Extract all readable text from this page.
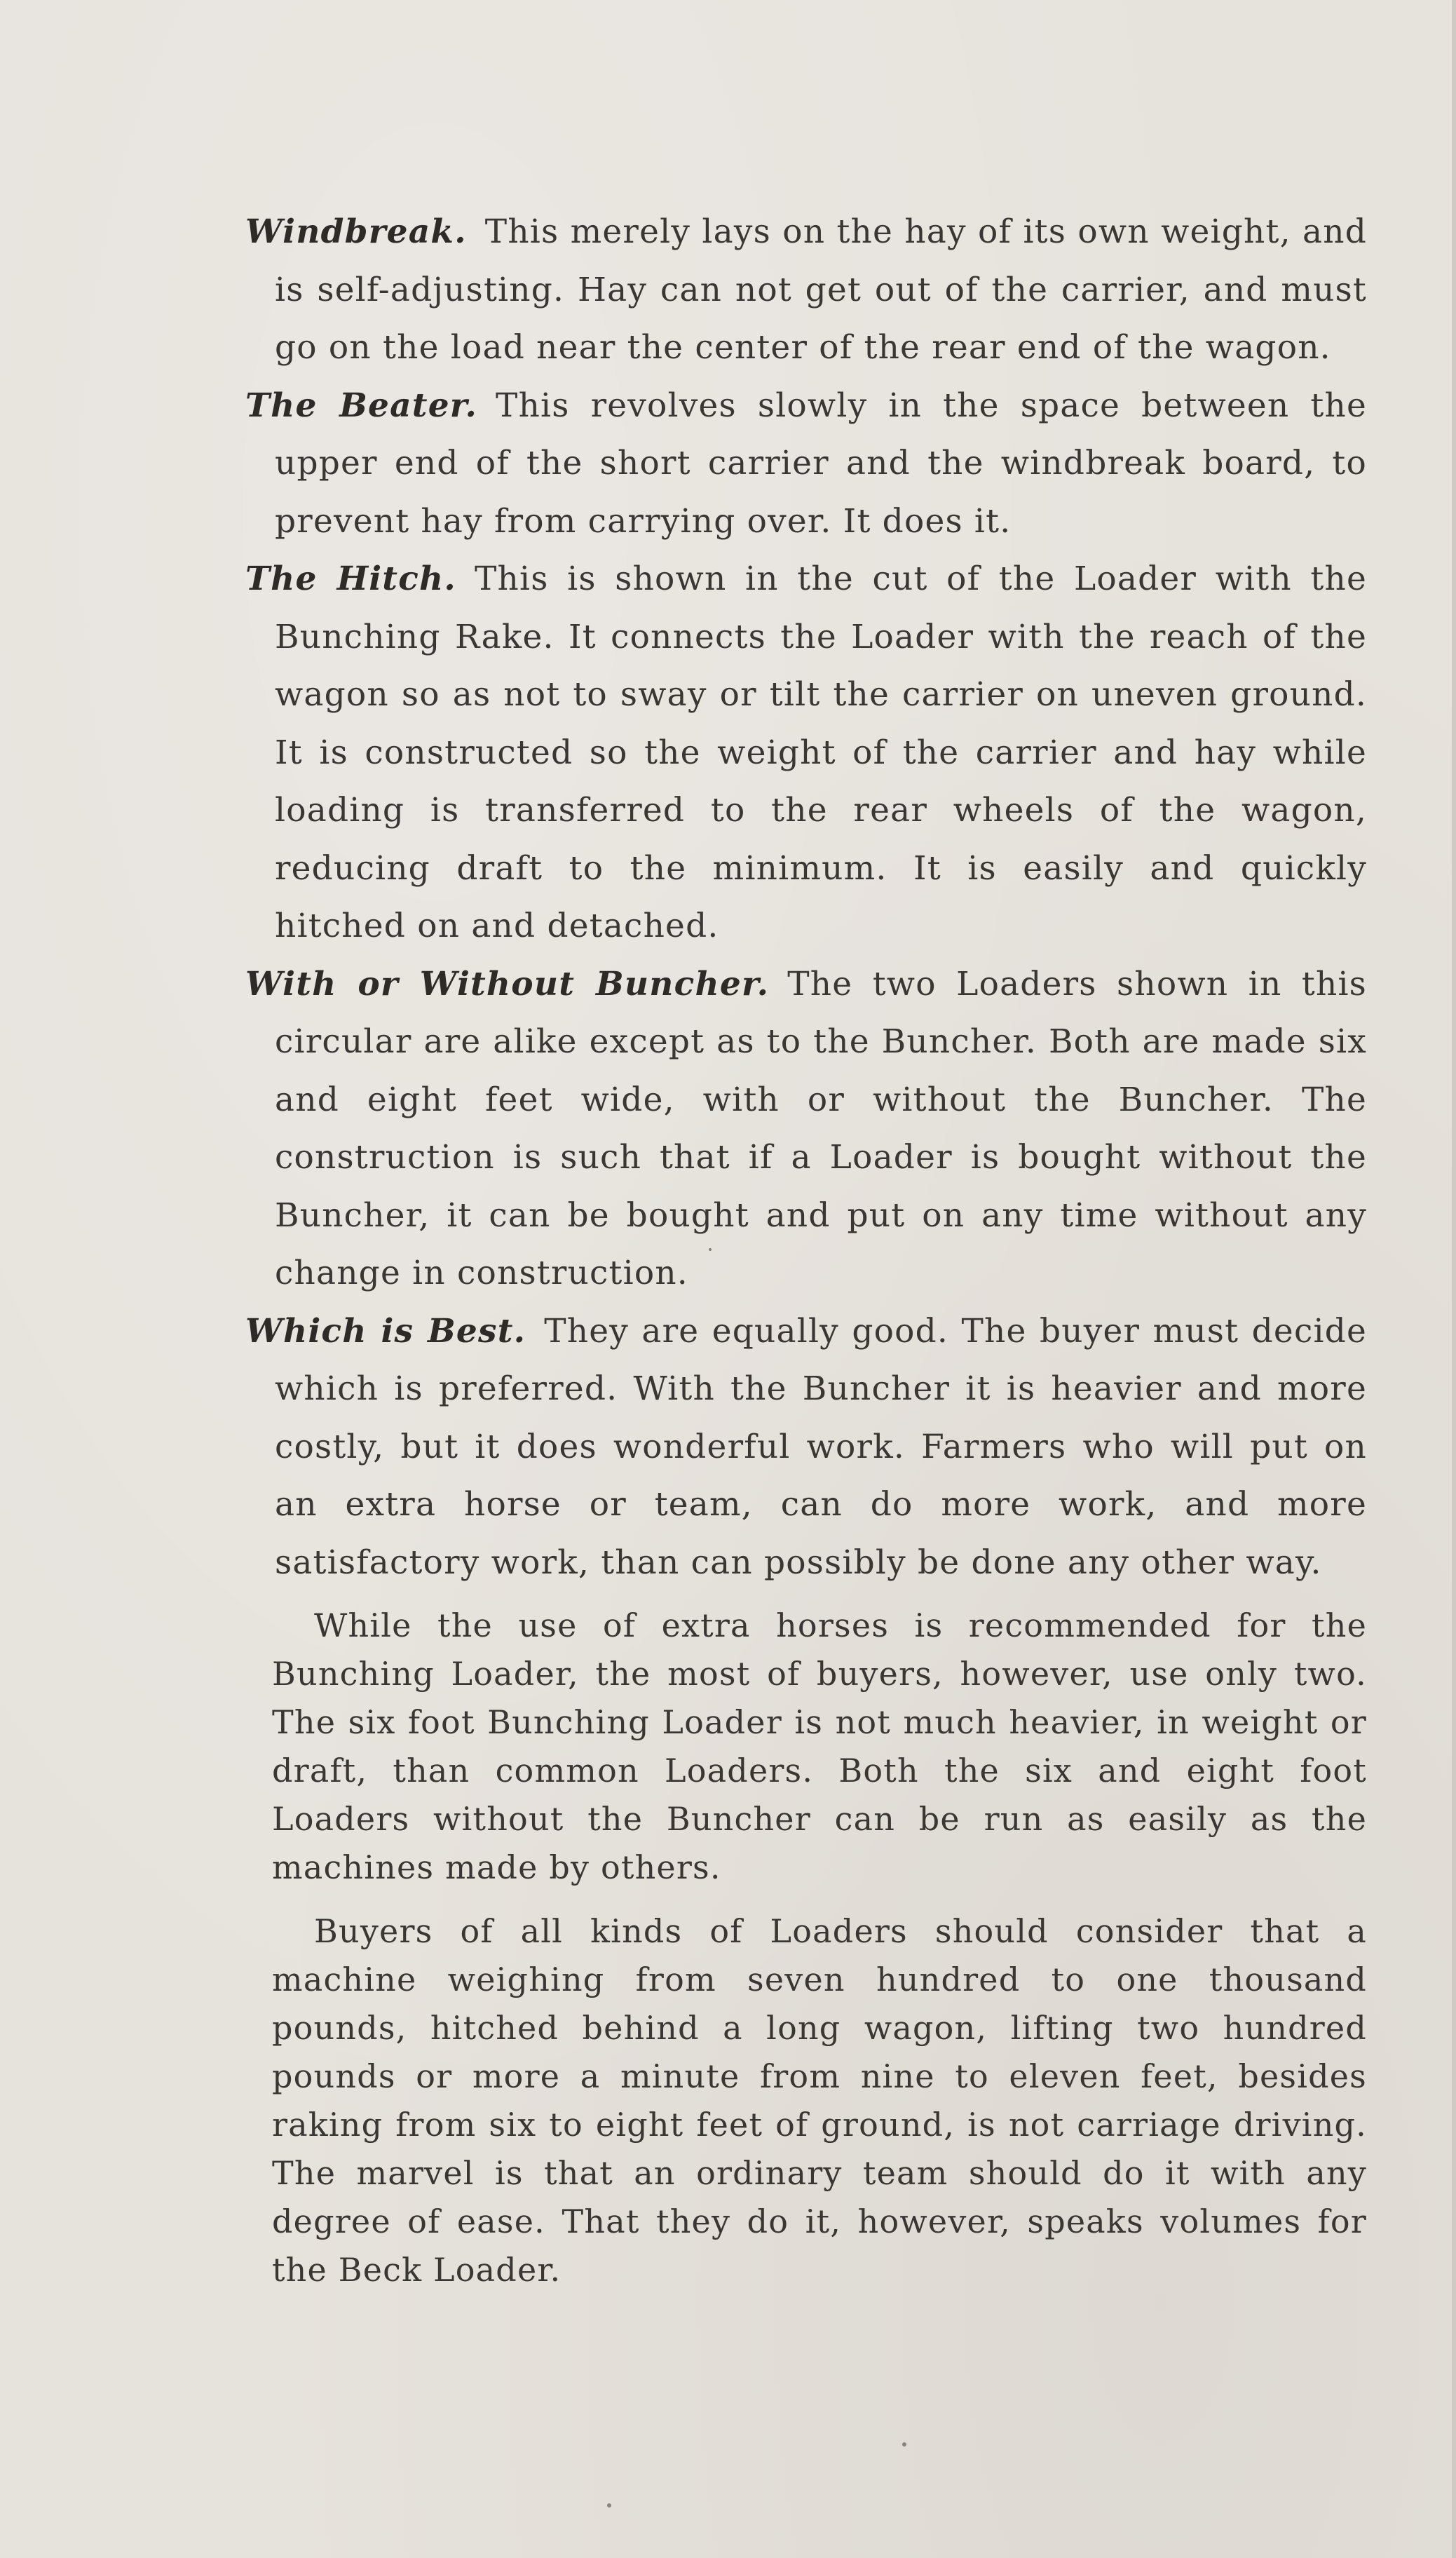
Windbreak. This merely lays on the hay of its own weight, and is self-adjusting. Hay can not get out of the carrier, and must go on the load near the center of the rear end of the wagon.

The Beater. This revolves slowly in the space between the upper end of the short carrier and the windbreak board, to prevent hay from carrying over. It does it.

The Hitch. This is shown in the cut of the Loader with the Bunching Rake. It connects the Loader with the reach of the wagon so as not to sway or tilt the carrier on uneven ground. It is constructed so the weight of the carrier and hay while loading is transferred to the rear wheels of the wagon, reducing draft to the minimum. It is easily and quickly hitched on and detached.

With or Without Buncher. The two Loaders shown in this circular are alike except as to the Buncher. Both are made six and eight feet wide, with or without the Buncher. The construction is such that if a Loader is bought without the Buncher, it can be bought and put on any time without any change in construction.

Which is Best. They are equally good. The buyer must decide which is preferred. With the Buncher it is heavier and more costly, but it does wonderful work. Farmers who will put on an extra horse or team, can do more work, and more satisfactory work, than can possibly be done any other way.

While the use of extra horses is recommended for the Bunching Loader, the most of buyers, however, use only two. The six foot Bunching Loader is not much heavier, in weight or draft, than common Loaders. Both the six and eight foot Loaders without the Buncher can be run as easily as the machines made by others.

Buyers of all kinds of Loaders should consider that a machine weighing from seven hundred to one thousand pounds, hitched behind a long wagon, lifting two hundred pounds or more a minute from nine to eleven feet, besides raking from six to eight feet of ground, is not carriage driving. The marvel is that an ordinary team should do it with any degree of ease. That they do it, however, speaks volumes for the Beck Loader.
